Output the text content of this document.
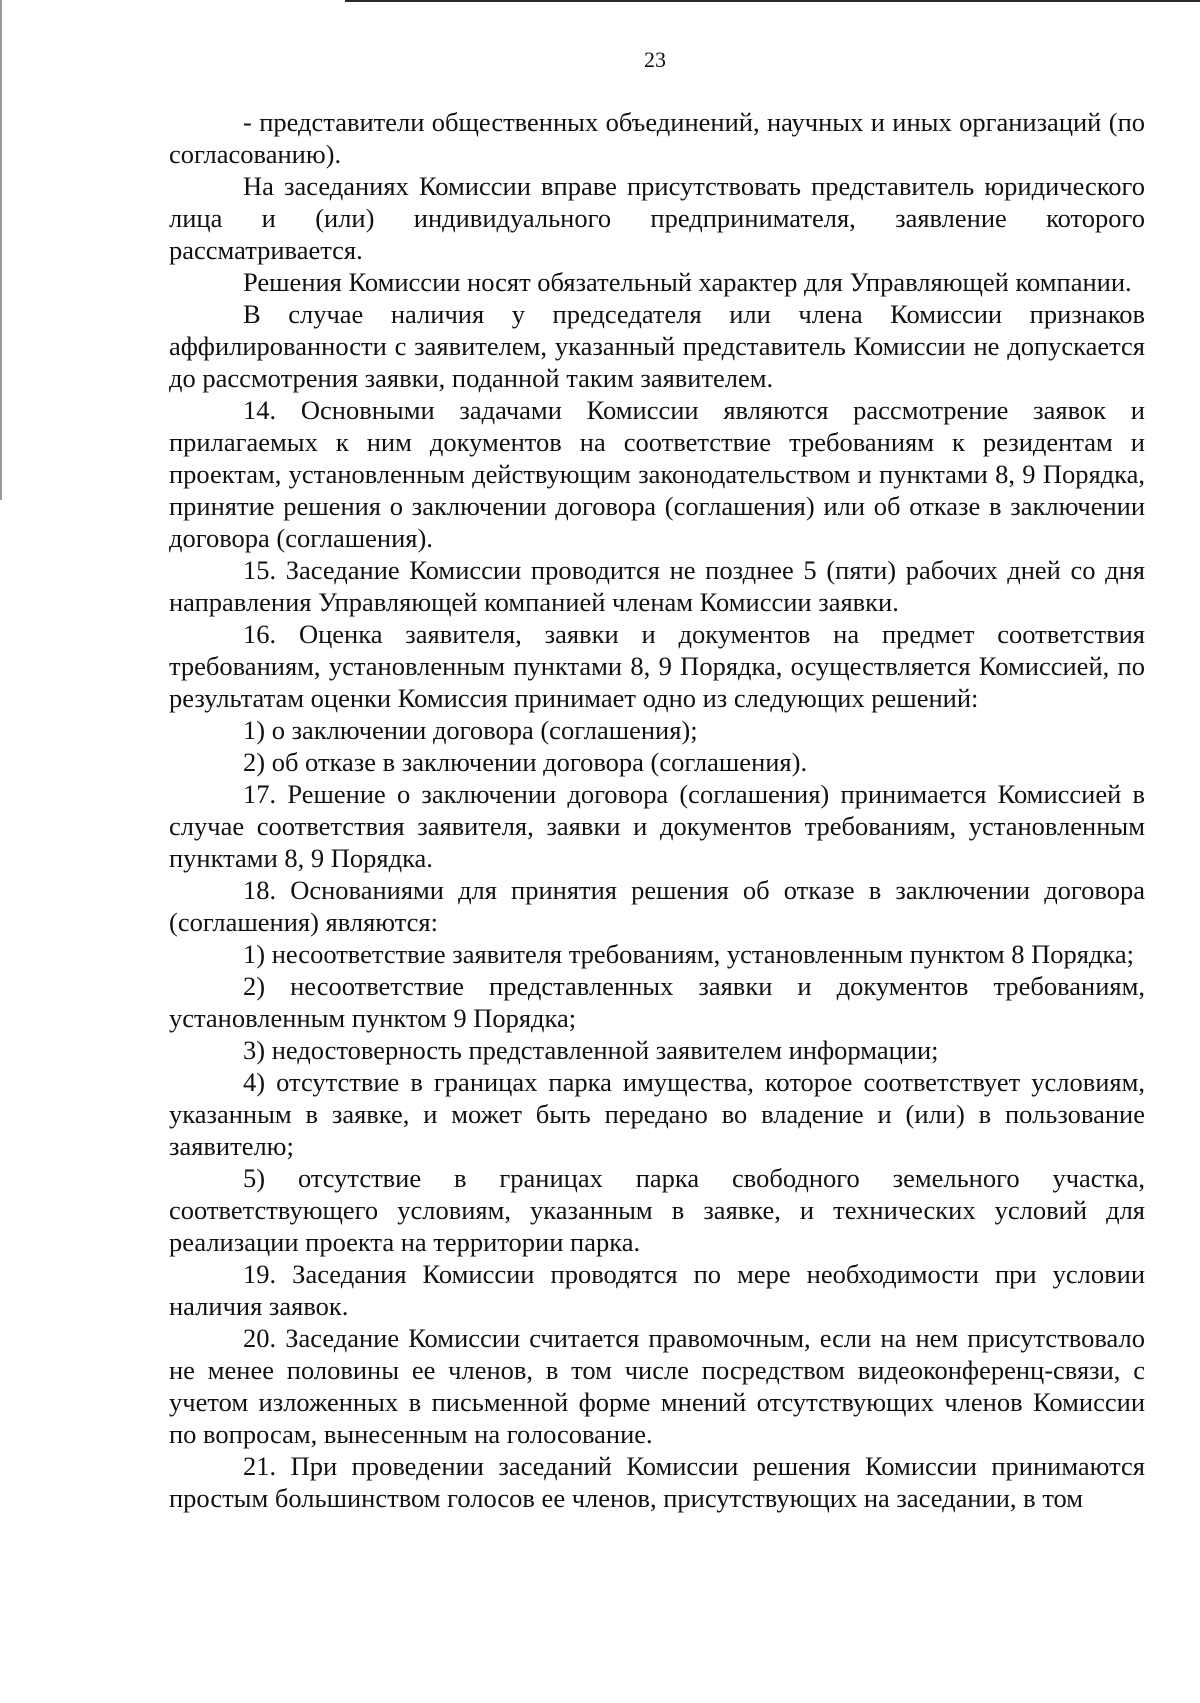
23

- представители общественных объединений, научных и иных организаций (по согласованию).

На заседаниях Комиссии вправе присутствовать представитель юридического лица и (или) индивидуального предпринимателя, заявление которого рассматривается.

Решения Комиссии носят обязательный характер для Управляющей компании.

В случае наличия у председателя или члена Комиссии признаков аффилированности с заявителем, указанный представитель Комиссии не допускается до рассмотрения заявки, поданной таким заявителем.

14. Основными задачами Комиссии являются рассмотрение заявок и прилагаемых к ним документов на соответствие требованиям к резидентам и проектам, установленным действующим законодательством и пунктами 8, 9 Порядка, принятие решения о заключении договора (соглашения) или об отказе в заключении договора (соглашения).

15. Заседание Комиссии проводится не позднее 5 (пяти) рабочих дней со дня направления Управляющей компанией членам Комиссии заявки.

16. Оценка заявителя, заявки и документов на предмет соответствия требованиям, установленным пунктами 8, 9 Порядка, осуществляется Комиссией, по результатам оценки Комиссия принимает одно из следующих решений:

1) о заключении договора (соглашения);

2) об отказе в заключении договора (соглашения).

17. Решение о заключении договора (соглашения) принимается Комиссией в случае соответствия заявителя, заявки и документов требованиям, установленным пунктами 8, 9 Порядка.

18. Основаниями для принятия решения об отказе в заключении договора (соглашения) являются:

1) несоответствие заявителя требованиям, установленным пунктом 8 Порядка;

2) несоответствие представленных заявки и документов требованиям, установленным пунктом 9 Порядка;

3) недостоверность представленной заявителем информации;

4) отсутствие в границах парка имущества, которое соответствует условиям, указанным в заявке, и может быть передано во владение и (или) в пользование заявителю;

5) отсутствие в границах парка свободного земельного участка, соответствующего условиям, указанным в заявке, и технических условий для реализации проекта на территории парка.

19. Заседания Комиссии проводятся по мере необходимости при условии наличия заявок.

20. Заседание Комиссии считается правомочным, если на нем присутствовало не менее половины ее членов, в том числе посредством видеоконференц-связи, с учетом изложенных в письменной форме мнений отсутствующих членов Комиссии по вопросам, вынесенным на голосование.

21. При проведении заседаний Комиссии решения Комиссии принимаются простым большинством голосов ее членов, присутствующих на заседании, в том
